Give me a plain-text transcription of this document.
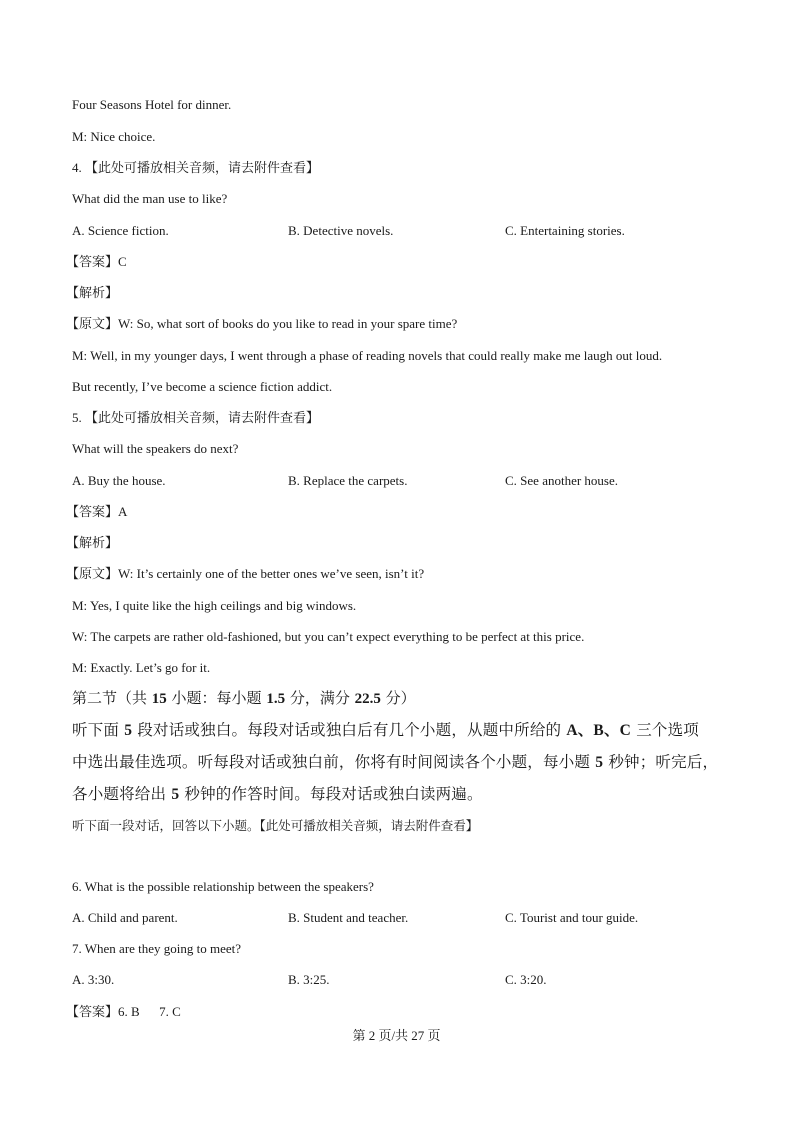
Four Seasons Hotel for dinner.
M: Nice choice.
4. 【此处可播放相关音频，请去附件查看】
What did the man use to like?
A. Science fiction.	B. Detective novels.	C. Entertaining stories.
【答案】C
【解析】
【原文】W: So, what sort of books do you like to read in your spare time?
M: Well, in my younger days, I went through a phase of reading novels that could really make me laugh out loud.
But recently, I’ve become a science fiction addict.
5. 【此处可播放相关音频，请去附件查看】
What will the speakers do next?
A. Buy the house.	B. Replace the carpets.	C. See another house.
【答案】A
【解析】
【原文】W: It’s certainly one of the better ones we’ve seen, isn’t it?
M: Yes, I quite like the high ceilings and big windows.
W: The carpets are rather old-fashioned, but you can’t expect everything to be perfect at this price.
M: Exactly. Let’s go for it.
第二节（共 15 小题：每小题 1.5 分，满分 22.5 分）
听下面 5 段对话或独白。每段对话或独白后有几个小题，从题中所给的 A、B、C 三个选项
中选出最佳选项。听每段对话或独白前，你将有时间阅读各个小题，每小题 5 秒钟；听完后，
各小题将给出 5 秒钟的作答时间。每段对话或独白读两遍。
听下面一段对话，回答以下小题。【此处可播放相关音频，请去附件查看】
6. What is the possible relationship between the speakers?
A. Child and parent.	B. Student and teacher.	C. Tourist and tour guide.
7. When are they going to meet?
A. 3:30.	B. 3:25.	C. 3:20.
【答案】6. B      7. C
第 2 页/共 27 页
